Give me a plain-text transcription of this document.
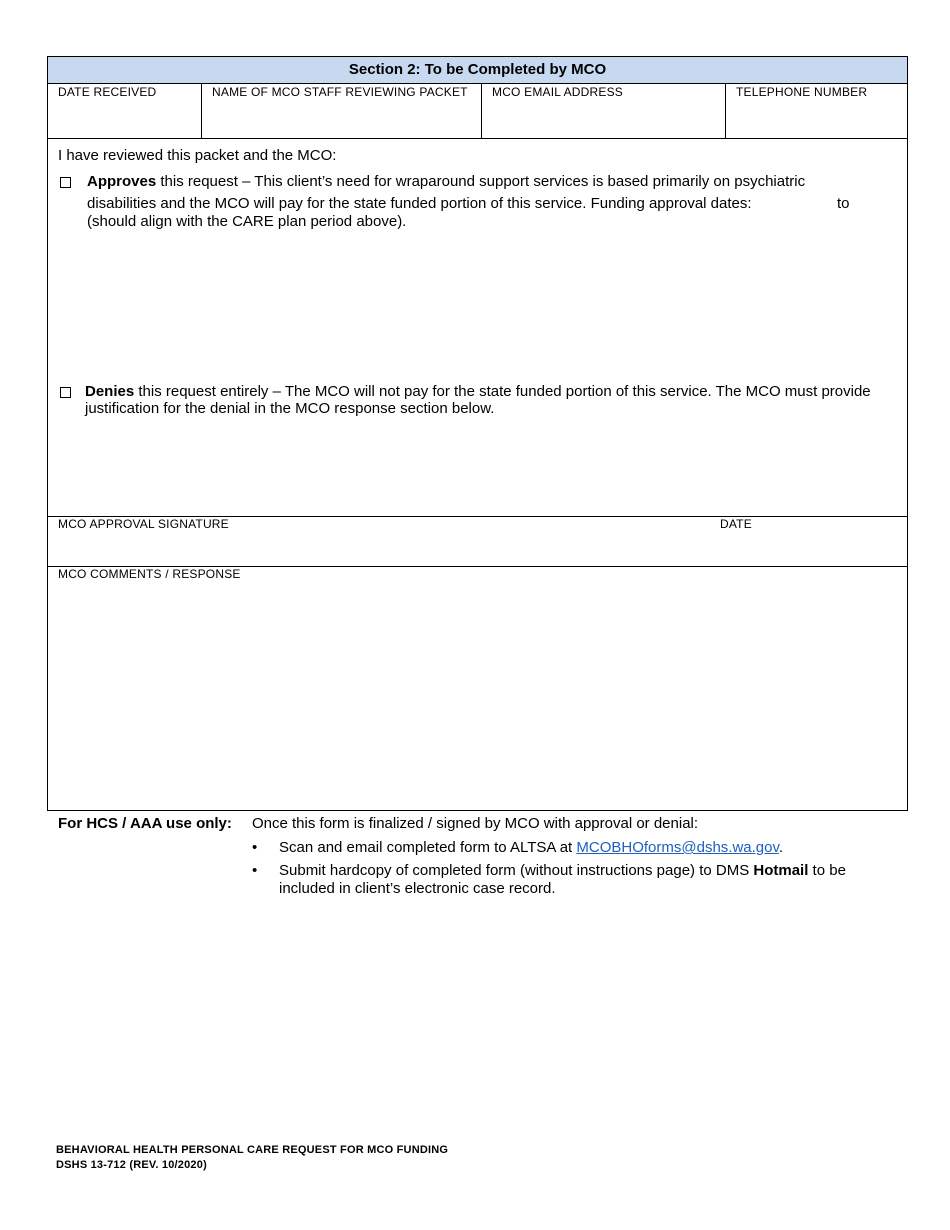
Section 2: To be Completed by MCO
DATE RECEIVED	NAME OF MCO STAFF REVIEWING PACKET	MCO EMAIL ADDRESS	TELEPHONE NUMBER
I have reviewed this packet and the MCO:
Approves this request – This client’s need for wraparound support services is based primarily on psychiatric
disabilities and the MCO will pay for the state funded portion of this service. Funding approval dates:	to
(should align with the CARE plan period above).
Denies this request entirely – The MCO will not pay for the state funded portion of this service. The MCO must provide
justification for the denial in the MCO response section below.
MCO APPROVAL SIGNATURE	DATE
MCO COMMENTS / RESPONSE
For HCS / AAA use only: Once this form is finalized / signed by MCO with approval or denial:
• Scan and email completed form to ALTSA at MCOBHOforms@dshs.wa.gov.
• Submit hardcopy of completed form (without instructions page) to DMS Hotmail to be
included in client’s electronic case record.
BEHAVIORAL HEALTH PERSONAL CARE REQUEST FOR MCO FUNDING
DSHS 13-712 (REV. 10/2020)
